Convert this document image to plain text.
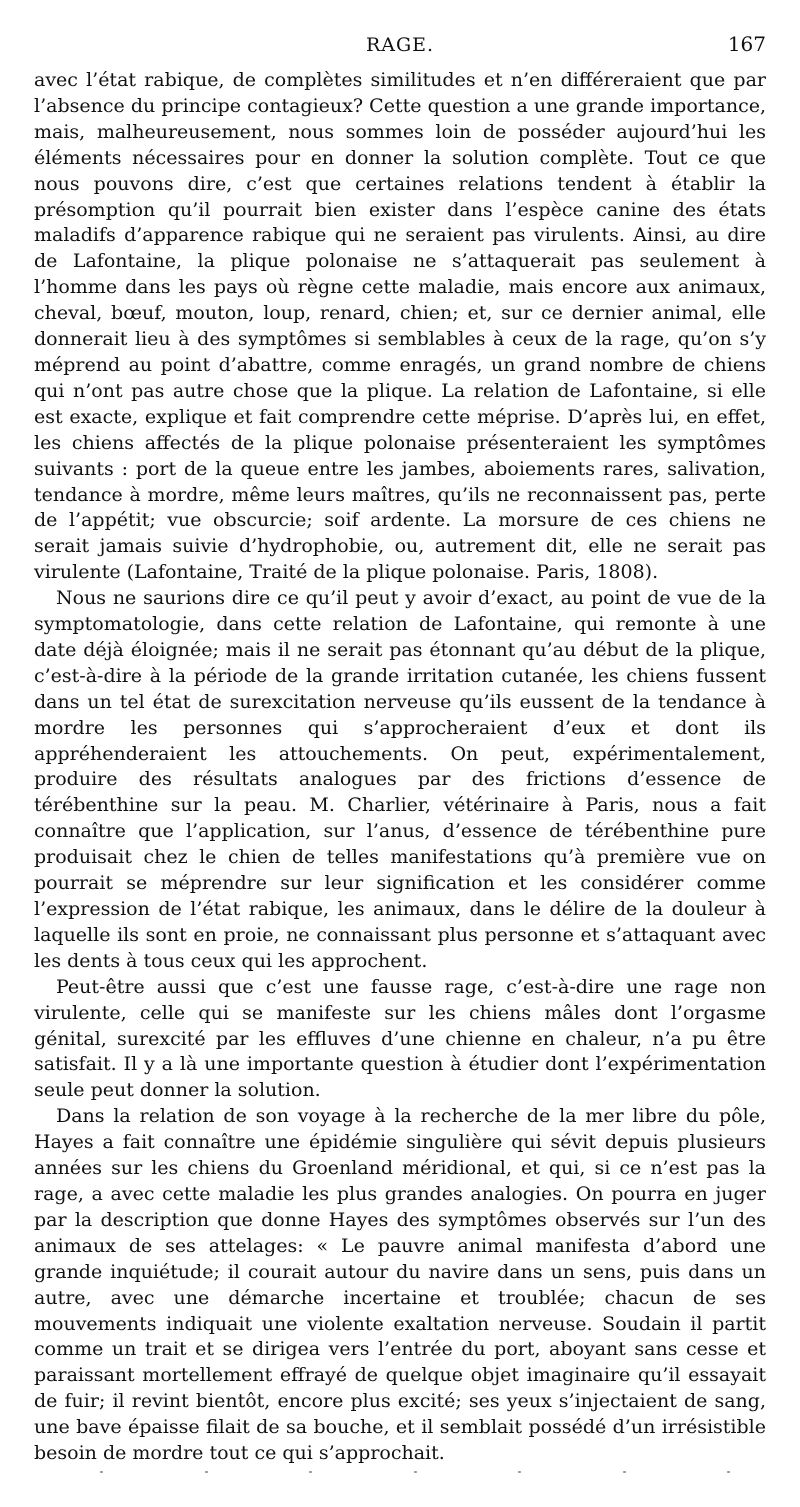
RAGE.	167

avec l’état rabique, de complètes similitudes et n’en différeraient que par l’absence du principe contagieux? Cette question a une grande importance, mais, malheureusement, nous sommes loin de posséder aujourd’hui les éléments nécessaires pour en donner la solution complète. Tout ce que nous pouvons dire, c’est que certaines relations tendent à établir la présomption qu’il pourrait bien exister dans l’espèce canine des états maladifs d’apparence rabique qui ne seraient pas virulents. Ainsi, au dire de Lafontaine, la plique polonaise ne s’attaquerait pas seulement à l’homme dans les pays où règne cette maladie, mais encore aux animaux, cheval, bœuf, mouton, loup, renard, chien; et, sur ce dernier animal, elle donnerait lieu à des symptômes si semblables à ceux de la rage, qu’on s’y méprend au point d’abattre, comme enragés, un grand nombre de chiens qui n’ont pas autre chose que la plique. La relation de Lafontaine, si elle est exacte, explique et fait comprendre cette méprise. D’après lui, en effet, les chiens affectés de la plique polonaise présenteraient les symptômes suivants : port de la queue entre les jambes, aboiements rares, salivation, tendance à mordre, même leurs maîtres, qu’ils ne reconnaissent pas, perte de l’appétit; vue obscurcie; soif ardente. La morsure de ces chiens ne serait jamais suivie d’hydrophobie, ou, autrement dit, elle ne serait pas virulente (Lafontaine, Traité de la plique polonaise. Paris, 1808).

Nous ne saurions dire ce qu’il peut y avoir d’exact, au point de vue de la symptomatologie, dans cette relation de Lafontaine, qui remonte à une date déjà éloignée; mais il ne serait pas étonnant qu’au début de la plique, c’est-à-dire à la période de la grande irritation cutanée, les chiens fussent dans un tel état de surexcitation nerveuse qu’ils eussent de la tendance à mordre les personnes qui s’approcheraient d’eux et dont ils appréhenderaient les attouchements. On peut, expérimentalement, produire des résultats analogues par des frictions d’essence de térébenthine sur la peau. M. Charlier, vétérinaire à Paris, nous a fait connaître que l’application, sur l’anus, d’essence de térébenthine pure produisait chez le chien de telles manifestations qu’à première vue on pourrait se méprendre sur leur signification et les considérer comme l’expression de l’état rabique, les animaux, dans le délire de la douleur à laquelle ils sont en proie, ne connaissant plus personne et s’attaquant avec les dents à tous ceux qui les approchent.

Peut-être aussi que c’est une fausse rage, c’est-à-dire une rage non virulente, celle qui se manifeste sur les chiens mâles dont l’orgasme génital, surexcité par les effluves d’une chienne en chaleur, n’a pu être satisfait. Il y a là une importante question à étudier dont l’expérimentation seule peut donner la solution.

Dans la relation de son voyage à la recherche de la mer libre du pôle, Hayes a fait connaître une épidémie singulière qui sévit depuis plusieurs années sur les chiens du Groenland méridional, et qui, si ce n’est pas la rage, a avec cette maladie les plus grandes analogies. On pourra en juger par la description que donne Hayes des symptômes observés sur l’un des animaux de ses attelages: « Le pauvre animal manifesta d’abord une grande inquiétude; il courait autour du navire dans un sens, puis dans un autre, avec une démarche incertaine et troublée; chacun de ses mouvements indiquait une violente exaltation nerveuse. Soudain il partit comme un trait et se dirigea vers l’entrée du port, aboyant sans cesse et paraissant mortellement effrayé de quelque objet imaginaire qu’il essayait de fuir; il revint bientôt, encore plus excité; ses yeux s’injectaient de sang, une bave épaisse filait de sa bouche, et il semblait possédé d’un irrésistible besoin de mordre tout ce qui s’approchait.
